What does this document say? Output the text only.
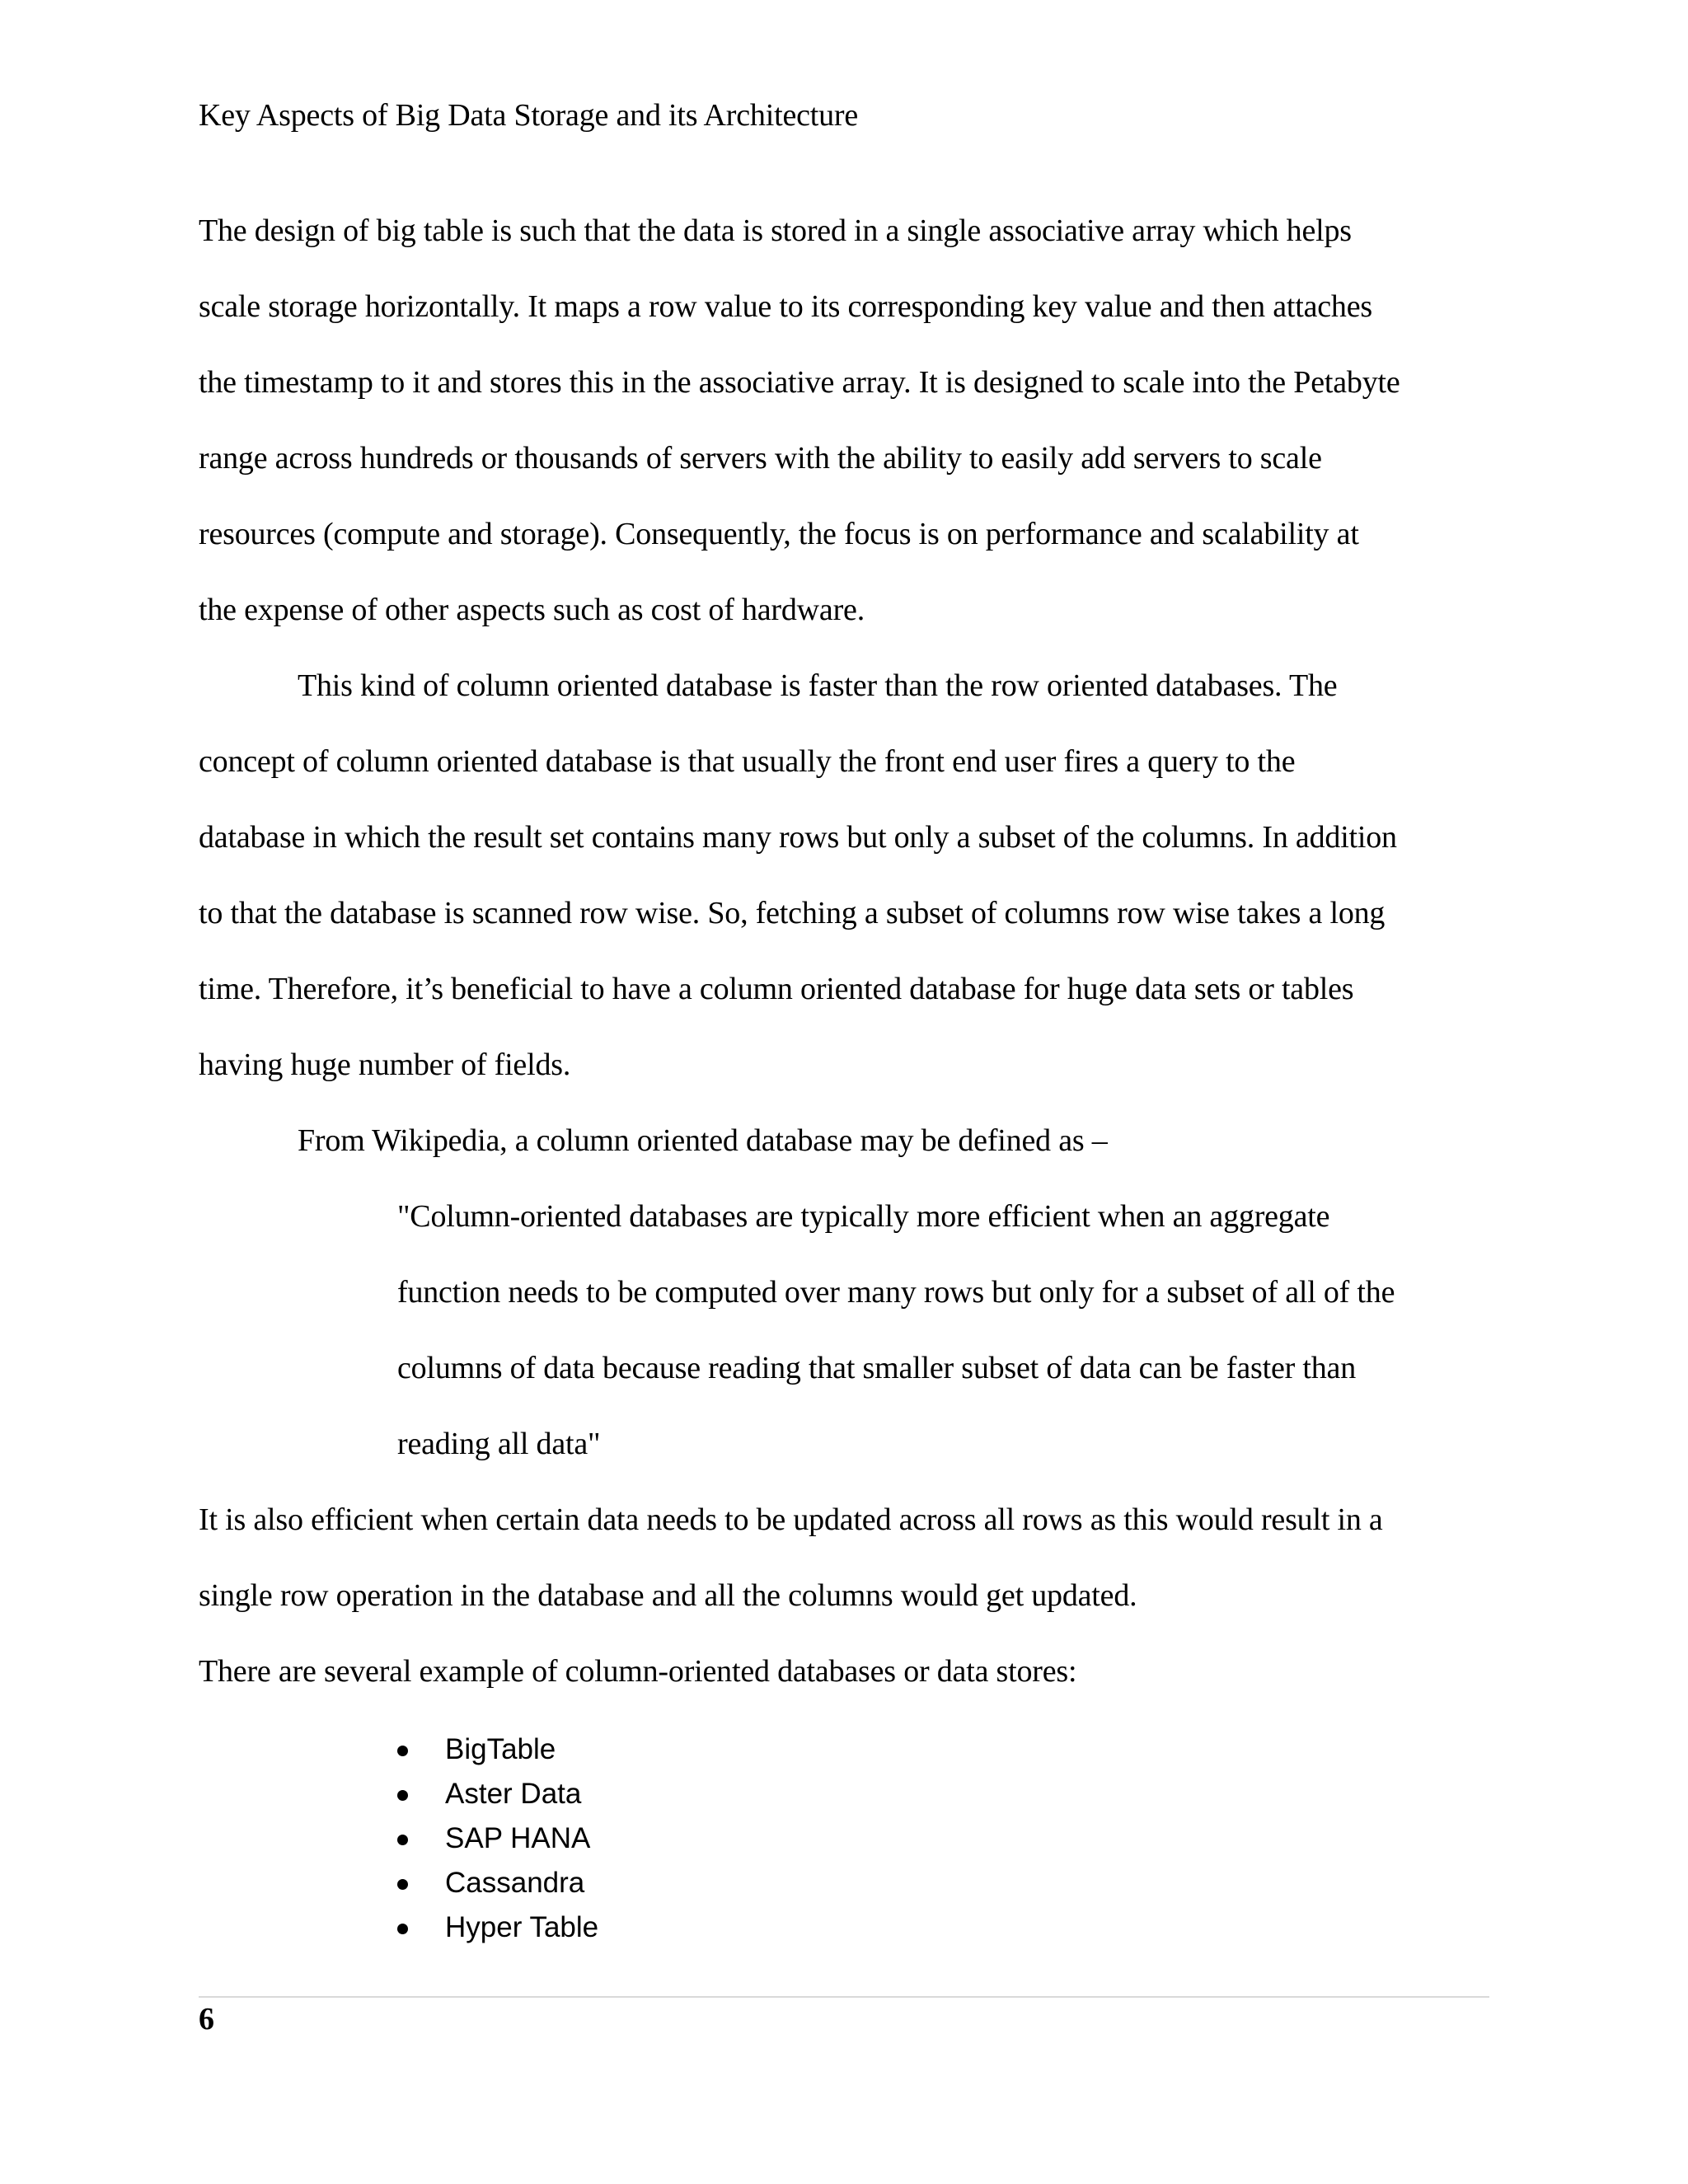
Key Aspects of Big Data Storage and its Architecture
The design of big table is such that the data is stored in a single associative array which helps
scale storage horizontally. It maps a row value to its corresponding key value and then attaches
the timestamp to it and stores this in the associative array. It is designed to scale into the Petabyte
range across hundreds or thousands of servers with the ability to easily add servers to scale
resources (compute and storage). Consequently, the focus is on performance and scalability at
the expense of other aspects such as cost of hardware.
This kind of column oriented database is faster than the row oriented databases. The
concept of column oriented database is that usually the front end user fires a query to the
database in which the result set contains many rows but only a subset of the columns. In addition
to that the database is scanned row wise. So, fetching a subset of columns row wise takes a long
time. Therefore, it’s beneficial to have a column oriented database for huge data sets or tables
having huge number of fields.
From Wikipedia, a column oriented database may be defined as –
"Column-oriented databases are typically more efficient when an aggregate
function needs to be computed over many rows but only for a subset of all of the
columns of data because reading that smaller subset of data can be faster than
reading all data"
It is also efficient when certain data needs to be updated across all rows as this would result in a
single row operation in the database and all the columns would get updated.
There are several example of column-oriented databases or data stores:
BigTable
Aster Data
SAP HANA
Cassandra
Hyper Table
6
